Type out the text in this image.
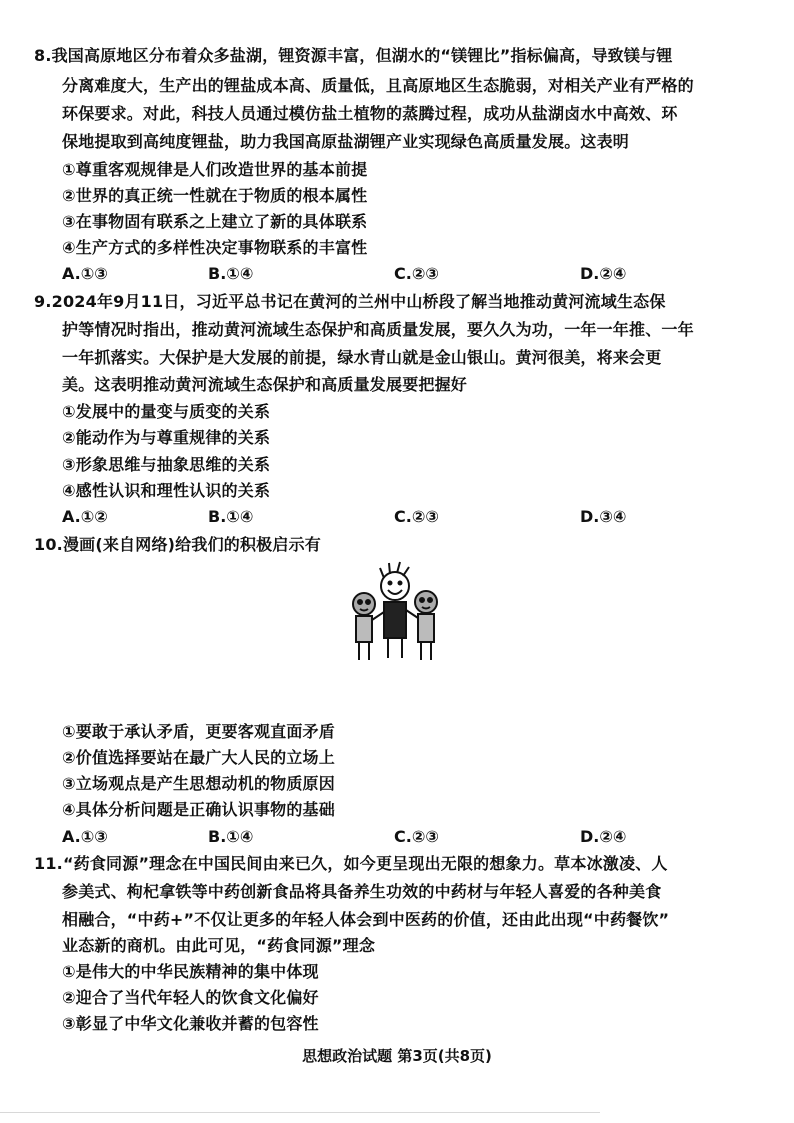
8.我国高原地区分布着众多盐湖，锂资源丰富，但湖水的“镁锂比”指标偏高，导致镁与锂
分离难度大，生产出的锂盐成本高、质量低，且高原地区生态脆弱，对相关产业有严格的
环保要求。对此，科技人员通过模仿盐土植物的蒸腾过程，成功从盐湖卤水中高效、环
保地提取到高纯度锂盐，助力我国高原盐湖锂产业实现绿色高质量发展。这表明
①尊重客观规律是人们改造世界的基本前提
②世界的真正统一性就在于物质的根本属性
③在事物固有联系之上建立了新的具体联系
④生产方式的多样性决定事物联系的丰富性
A.①③	B.①④	C.②③	D.②④
9.2024年9月11日，习近平总书记在黄河的兰州中山桥段了解当地推动黄河流域生态保
护等情况时指出，推动黄河流域生态保护和高质量发展，要久久为功，一年一年推、一年
一年抓落实。大保护是大发展的前提，绿水青山就是金山银山。黄河很美，将来会更
美。这表明推动黄河流域生态保护和高质量发展要把握好
①发展中的量变与质变的关系
②能动作为与尊重规律的关系
③形象思维与抽象思维的关系
④感性认识和理性认识的关系
A.①②	B.①④	C.②③	D.③④
10.漫画(来自网络)给我们的积极启示有
①要敢于承认矛盾，更要客观直面矛盾
②价值选择要站在最广大人民的立场上
③立场观点是产生思想动机的物质原因
④具体分析问题是正确认识事物的基础
A.①③	B.①④	C.②③	D.②④
11.“药食同源”理念在中国民间由来已久，如今更呈现出无限的想象力。草本冰激凌、人
参美式、枸杞拿铁等中药创新食品将具备养生功效的中药材与年轻人喜爱的各种美食
相融合，“中药+”不仅让更多的年轻人体会到中医药的价值，还由此出现“中药餐饮”
业态新的商机。由此可见，“药食同源”理念
①是伟大的中华民族精神的集中体现
②迎合了当代年轻人的饮食文化偏好
③彰显了中华文化兼收并蓄的包容性
思想政治试题 第3页(共8页)
